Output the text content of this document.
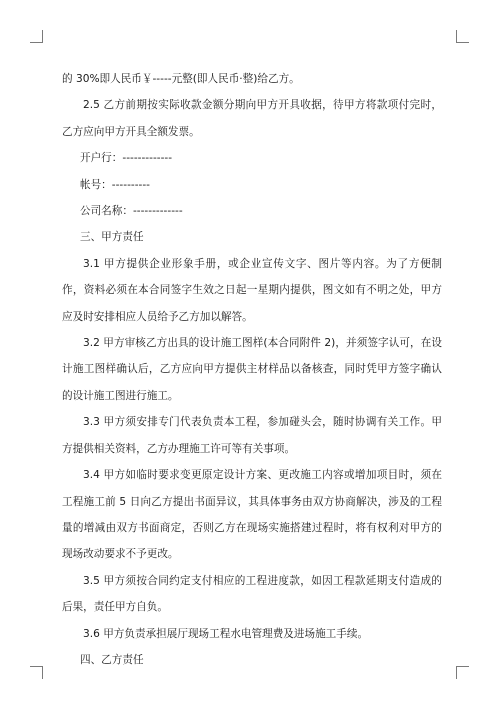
的 30%即人民币￥-----元整(即人民币·整)给乙方。

2.5 乙方前期按实际收款金额分期向甲方开具收据，待甲方将款项付完时，乙方应向甲方开具全额发票。

开户行：-------------

帐号：----------

公司名称：-------------

三、甲方责任

3.1 甲方提供企业形象手册，或企业宣传文字、图片等内容。为了方便制作，资料必须在本合同签字生效之日起一星期内提供，图文如有不明之处，甲方应及时安排相应人员给予乙方加以解答。

3.2 甲方审核乙方出具的设计施工图样(本合同附件 2)，并须签字认可，在设计施工图样确认后，乙方应向甲方提供主材样品以备核查，同时凭甲方签字确认的设计施工图进行施工。

3.3 甲方须安排专门代表负责本工程，参加碰头会，随时协调有关工作。甲方提供相关资料，乙方办理施工许可等有关事项。

3.4 甲方如临时要求变更原定设计方案、更改施工内容或增加项目时，须在工程施工前 5 日向乙方提出书面异议，其具体事务由双方协商解决，涉及的工程量的增减由双方书面商定，否则乙方在现场实施搭建过程时，将有权利对甲方的现场改动要求不予更改。

3.5 甲方须按合同约定支付相应的工程进度款，如因工程款延期支付造成的后果，责任甲方自负。

3.6 甲方负责承担展厅现场工程水电管理费及进场施工手续。

四、乙方责任
